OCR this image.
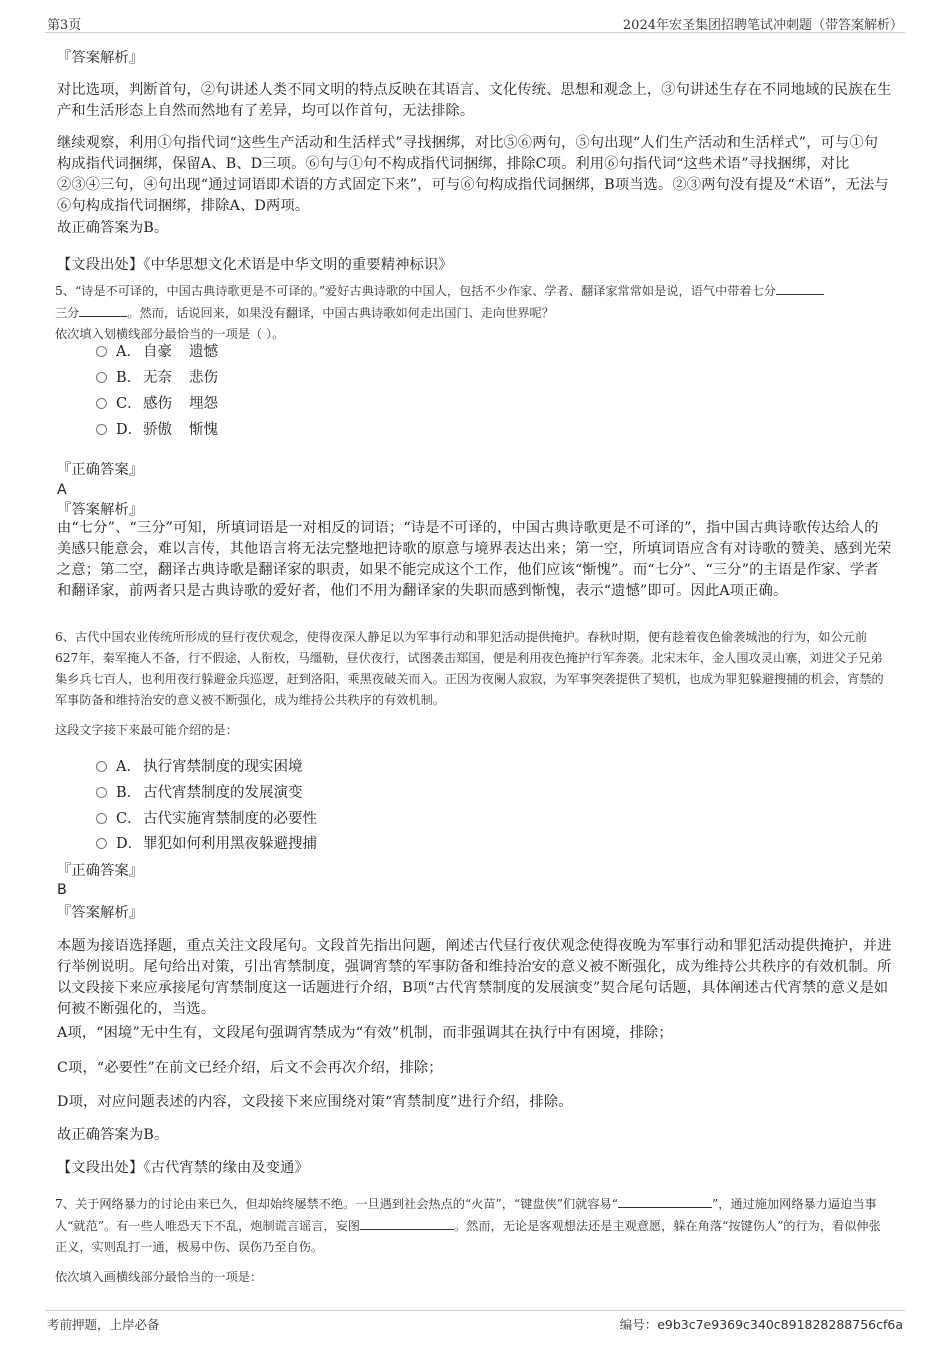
第3页	2024年宏圣集团招聘笔试冲刺题（带答案解析）
『答案解析』
对比选项，判断首句，②句讲述人类不同文明的特点反映在其语言、文化传统、思想和观念上，③句讲述生存在不同地域的民族在生产和生活形态上自然而然地有了差异，均可以作首句，无法排除。
继续观察，利用①句指代词“这些生产活动和生活样式”寻找捆绑，对比⑤⑥两句，⑤句出现“人们生产活动和生活样式”，可与①句构成指代词捆绑，保留A、B、D三项。⑥句与①句不构成指代词捆绑，排除C项。利用⑥句指代词“这些术语”寻找捆绑，对比②③④三句，④句出现“通过词语即术语的方式固定下来”，可与⑥句构成指代词捆绑，B项当选。②③两句没有提及“术语”，无法与⑥句构成指代词捆绑，排除A、D两项。
故正确答案为B。
【文段出处】《中华思想文化术语是中华文明的重要精神标识》
5、“诗是不可译的，中国古典诗歌更是不可译的。”爱好古典诗歌的中国人，包括不少作家、学者、翻译家常常如是说，语气中带着七分
三分	。然而，话说回来，如果没有翻译，中国古典诗歌如何走出国门、走向世界呢？
依次填入划横线部分最恰当的一项是（ ）。
A． 自豪 遗憾
B． 无奈 悲伤
C．感伤 埋怨
D．骄傲 惭愧
『正确答案』
A
『答案解析』
由“七分”、“三分”可知，所填词语是一对相反的词语；“诗是不可译的，中国古典诗歌更是不可译的”，指中国古典诗歌传达给人的美感只能意会，难以言传，其他语言将无法完整地把诗歌的原意与境界表达出来；第一空，所填词语应含有对诗歌的赞美、感到光荣之意；第二空，翻译古典诗歌是翻译家的职责，如果不能完成这个工作，他们应该“惭愧”。而“七分”、“三分”的主语是作家、学者和翻译家，前两者只是古典诗歌的爱好者，他们不用为翻译家的失职而感到惭愧，表示“遗憾”即可。因此A项正确。
6、古代中国农业传统所形成的昼行夜伏观念，使得夜深人静足以为军事行动和罪犯活动提供掩护。春秋时期，便有趁着夜色偷袭城池的行为，如公元前627年，秦军掩人不备，行不假途，人衔枚，马缰勒，昼伏夜行，试图袭击郑国，便是利用夜色掩护行军奔袭。北宋末年，金人围攻灵山寨，刘进父子兄弟集乡兵七百人，也利用夜行躲避金兵巡逻，赶到洛阳，乘黑夜破关而入。正因为夜阑人寂寂，为军事突袭提供了契机，也成为罪犯躲避搜捕的机会，宵禁的军事防备和维持治安的意义被不断强化，成为维持公共秩序的有效机制。
这段文字接下来最可能介绍的是：
A． 执行宵禁制度的现实困境
B． 古代宵禁制度的发展演变
C．古代实施宵禁制度的必要性
D．罪犯如何利用黑夜躲避搜捕
『正确答案』
B
『答案解析』
本题为接语选择题，重点关注文段尾句。文段首先指出问题，阐述古代昼行夜伏观念使得夜晚为军事行动和罪犯活动提供掩护，并进行举例说明。尾句给出对策，引出宵禁制度，强调宵禁的军事防备和维持治安的意义被不断强化，成为维持公共秩序的有效机制。所以文段接下来应承接尾句宵禁制度这一话题进行介绍，B项“古代宵禁制度的发展演变”契合尾句话题，具体阐述古代宵禁的意义是如何被不断强化的，当选。
A项，“困境”无中生有，文段尾句强调宵禁成为“有效”机制，而非强调其在执行中有困境，排除；
C项，“必要性”在前文已经介绍，后文不会再次介绍，排除；
D项，对应问题表述的内容，文段接下来应围绕对策“宵禁制度”进行介绍，排除。
故正确答案为B。
【文段出处】《古代宵禁的缘由及变通》
7、关于网络暴力的讨论由来已久，但却始终屡禁不绝。一旦遇到社会热点的“火苗”，“键盘侠”们就容易“	”，通过施加网络暴力逼迫当事人“就范”。有一些人唯恐天下不乱，炮制谎言谣言，妄图	。然而，无论是客观想法还是主观意愿，躲在角落“按键伤人”的行为，看似伸张正义，实则乱打一通，极易中伤、误伤乃至自伤。
依次填入画横线部分最恰当的一项是：
考前押题，上岸必备	编号：e9b3c7e9369c340c891828288756cf6a
